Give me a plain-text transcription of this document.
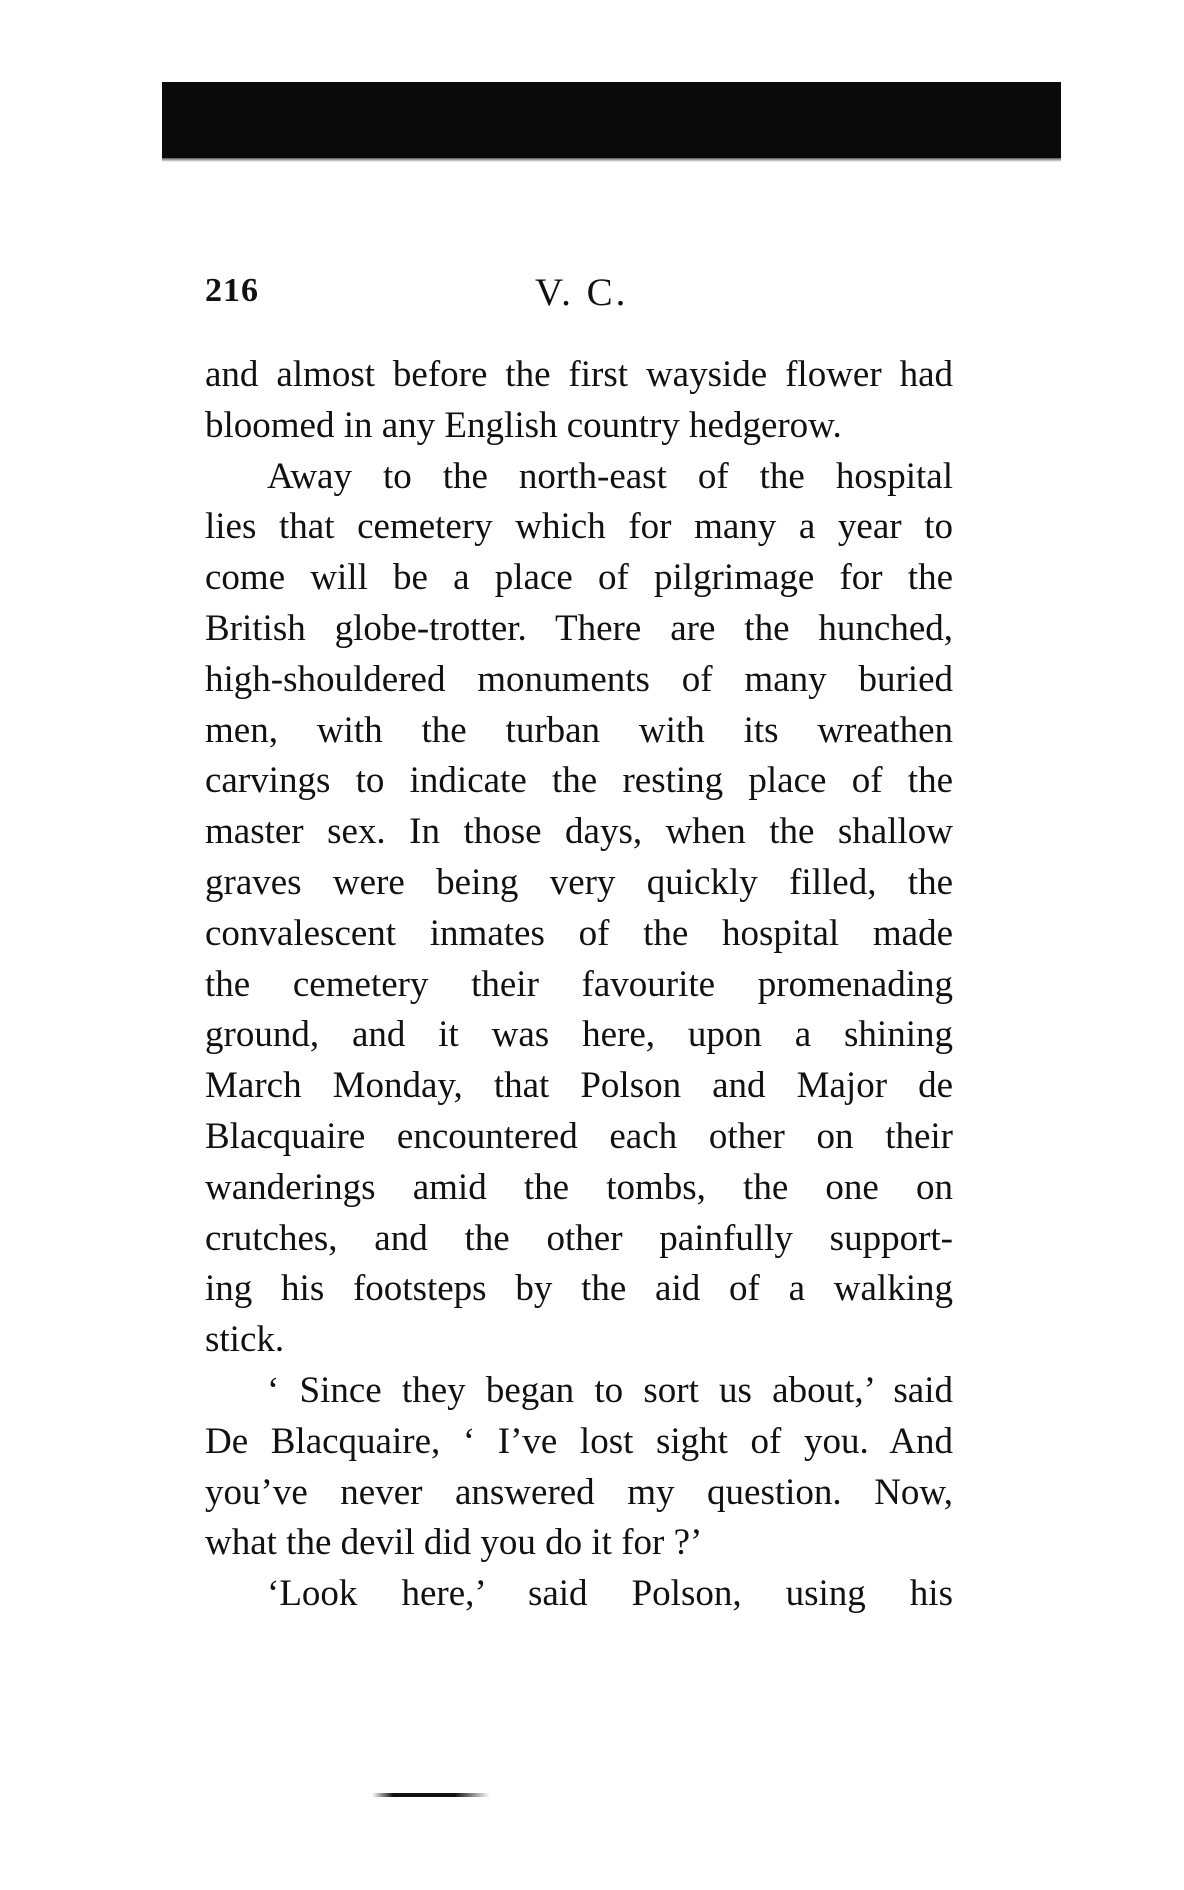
216	V. C.
and almost before the first wayside flower had
bloomed in any English country hedgerow.
Away to the north-east of the hospital
lies that cemetery which for many a year to
come will be a place of pilgrimage for the
British globe-trotter. There are the hunched,
high-shouldered monuments of many buried
men, with the turban with its wreathen
carvings to indicate the resting place of the
master sex. In those days, when the shallow
graves were being very quickly filled, the
convalescent inmates of the hospital made
the cemetery their favourite promenading
ground, and it was here, upon a shining
March Monday, that Polson and Major de
Blacquaire encountered each other on their
wanderings amid the tombs, the one on
crutches, and the other painfully support-
ing his footsteps by the aid of a walking
stick.
‘ Since they began to sort us about,’ said
De Blacquaire, ‘ I’ve lost sight of you. And
you’ve never answered my question. Now,
what the devil did you do it for ?’
‘Look here,’ said Polson, using his
